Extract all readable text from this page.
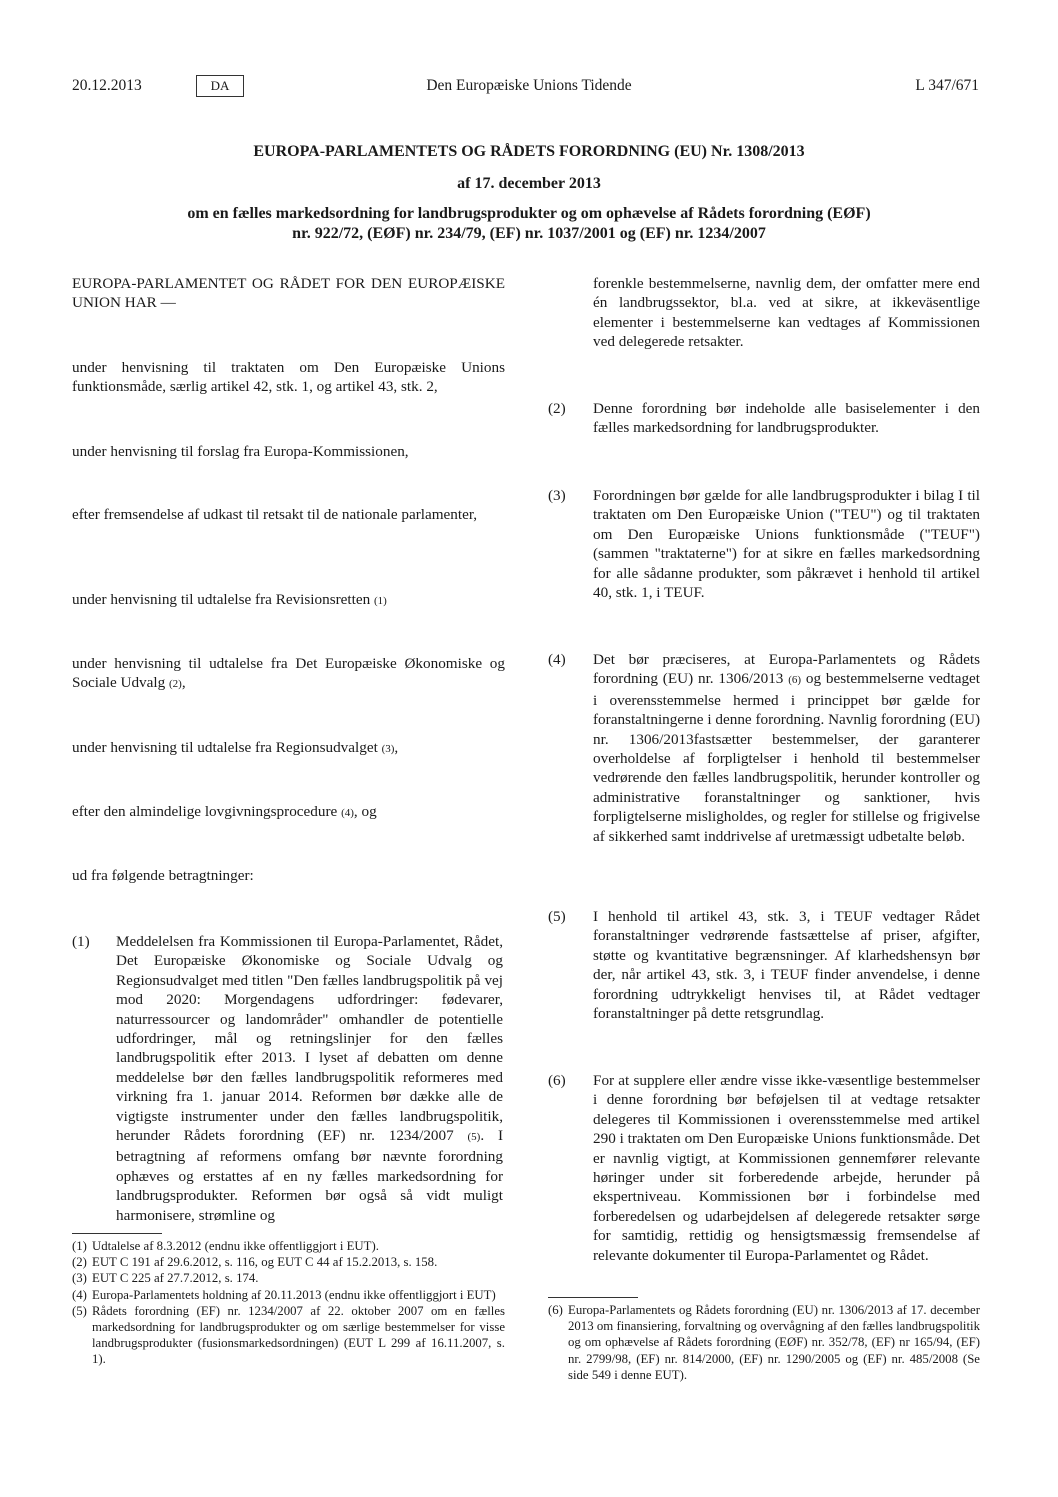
20.12.2013	DA	Den Europæiske Unions Tidende	L 347/671
EUROPA-PARLAMENTETS OG RÅDETS FORORDNING (EU) Nr. 1308/2013
af 17. december 2013
om en fælles markedsordning for landbrugsprodukter og om ophævelse af Rådets forordning (EØF)
nr. 922/72, (EØF) nr. 234/79, (EF) nr. 1037/2001 og (EF) nr. 1234/2007
EUROPA-PARLAMENTET OG RÅDET FOR DEN EUROPÆISKE UNION HAR —
under henvisning til traktaten om Den Europæiske Unions funktionsmåde, særlig artikel 42, stk. 1, og artikel 43, stk. 2,
under henvisning til forslag fra Europa-Kommissionen,
efter fremsendelse af udkast til retsakt til de nationale parlamenter,
under henvisning til udtalelse fra Revisionsretten (1)
under henvisning til udtalelse fra Det Europæiske Økonomiske og Sociale Udvalg (2),
under henvisning til udtalelse fra Regionsudvalget (3),
efter den almindelige lovgivningsprocedure (4), og
ud fra følgende betragtninger:
(1)	Meddelelsen fra Kommissionen til Europa-Parlamentet, Rådet, Det Europæiske Økonomiske og Sociale Udvalg og Regionsudvalget med titlen "Den fælles landbrugspolitik på vej mod 2020: Morgendagens udfordringer: fødevarer, naturressourcer og landområder" omhandler de potentielle udfordringer, mål og retningslinjer for den fælles landbrugspolitik efter 2013. I lyset af debatten om denne meddelelse bør den fælles landbrugspolitik reformeres med virkning fra 1. januar 2014. Reformen bør dække alle de vigtigste instrumenter under den fælles landbrugspolitik, herunder Rådets forordning (EF) nr. 1234/2007 (5). I betragtning af reformens omfang bør nævnte forordning ophæves og erstattes af en ny fælles markedsordning for landbrugsprodukter. Reformen bør også så vidt muligt harmonisere, strømline og
(1) Udtalelse af 8.3.2012 (endnu ikke offentliggjort i EUT).
(2) EUT C 191 af 29.6.2012, s. 116, og EUT C 44 af 15.2.2013, s. 158.
(3) EUT C 225 af 27.7.2012, s. 174.
(4) Europa-Parlamentets holdning af 20.11.2013 (endnu ikke offentliggjort i EUT)
(5) Rådets forordning (EF) nr. 1234/2007 af 22. oktober 2007 om en fælles markedsordning for landbrugsprodukter og om særlige bestemmelser for visse landbrugsprodukter (fusionsmarkedsordningen) (EUT L 299 af 16.11.2007, s. 1).
forenkle bestemmelserne, navnlig dem, der omfatter mere end én landbrugssektor, bl.a. ved at sikre, at ikkeväsentlige elementer i bestemmelserne kan vedtages af Kommissionen ved delegerede retsakter.
(2)	Denne forordning bør indeholde alle basiselementer i den fælles markedsordning for landbrugsprodukter.
(3)	Forordningen bør gælde for alle landbrugsprodukter i bilag I til traktaten om Den Europæiske Union ("TEU") og til traktaten om Den Europæiske Unions funktionsmåde ("TEUF") (sammen "traktaterne") for at sikre en fælles markedsordning for alle sådanne produkter, som påkrævet i henhold til artikel 40, stk. 1, i TEUF.
(4)	Det bør præciseres, at Europa-Parlamentets og Rådets forordning (EU) nr. 1306/2013 (6) og bestemmelserne vedtaget i overensstemmelse hermed i princippet bør gælde for foranstaltningerne i denne forordning. Navnlig forordning (EU) nr. 1306/2013fastsætter bestemmelser, der garanterer overholdelse af forpligtelser i henhold til bestemmelser vedrørende den fælles landbrugspolitik, herunder kontroller og administrative foranstaltninger og sanktioner, hvis forpligtelserne misligholdes, og regler for stillelse og frigivelse af sikkerhed samt inddrivelse af uretmæssigt udbetalte beløb.
(5)	I henhold til artikel 43, stk. 3, i TEUF vedtager Rådet foranstaltninger vedrørende fastsættelse af priser, afgifter, støtte og kvantitative begrænsninger. Af klarhedshensyn bør der, når artikel 43, stk. 3, i TEUF finder anvendelse, i denne forordning udtrykkeligt henvises til, at Rådet vedtager foranstaltninger på dette retsgrundlag.
(6)	For at supplere eller ændre visse ikke-væsentlige bestemmelser i denne forordning bør beføjelsen til at vedtage retsakter delegeres til Kommissionen i overensstemmelse med artikel 290 i traktaten om Den Europæiske Unions funktionsmåde. Det er navnlig vigtigt, at Kommissionen gennemfører relevante høringer under sit forberedende arbejde, herunder på ekspertniveau. Kommissionen bør i forbindelse med forberedelsen og udarbejdelsen af delegerede retsakter sørge for samtidig, rettidig og hensigtsmæssig fremsendelse af relevante dokumenter til Europa-Parlamentet og Rådet.
(6) Europa-Parlamentets og Rådets forordning (EU) nr. 1306/2013 af 17. december 2013 om finansiering, forvaltning og overvågning af den fælles landbrugspolitik og om ophævelse af Rådets forordning (EØF) nr. 352/78, (EF) nr 165/94, (EF) nr. 2799/98, (EF) nr. 814/2000, (EF) nr. 1290/2005 og (EF) nr. 485/2008 (Se side 549 i denne EUT).
